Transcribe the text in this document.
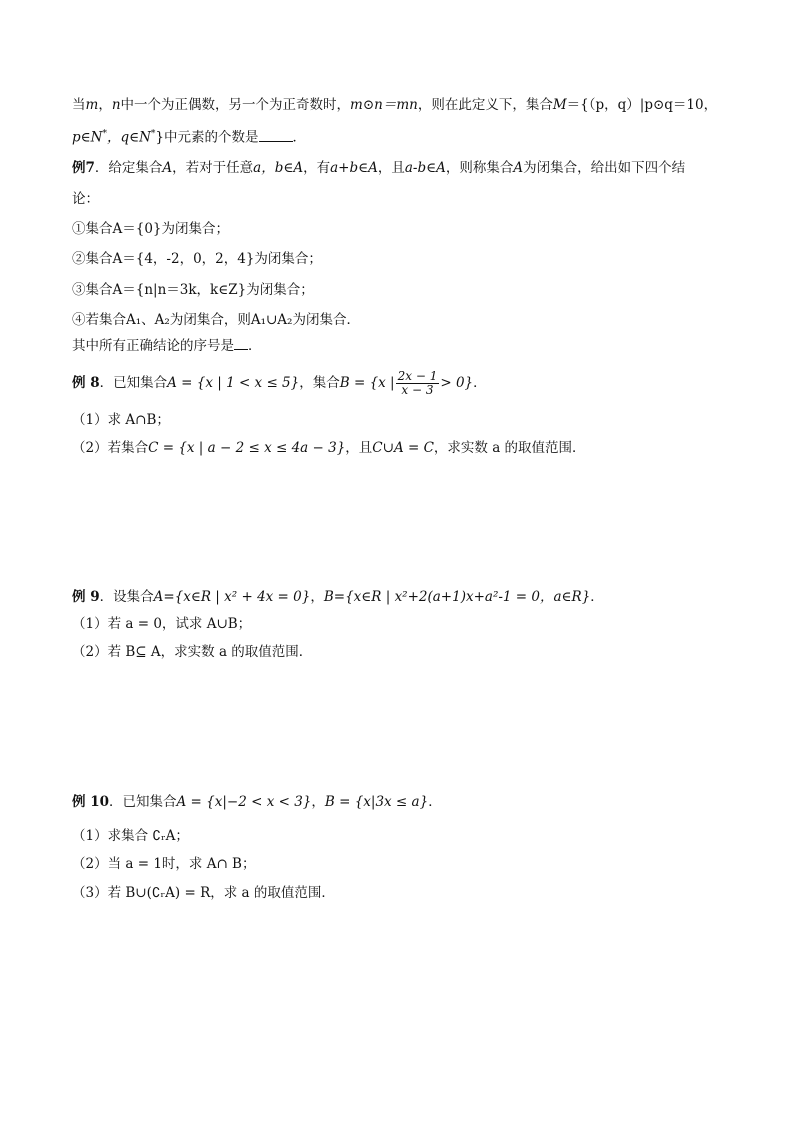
当m，n中一个为正偶数，另一个为正奇数时，m⊙n＝mn，则在此定义下，集合M＝{（p，q）|p⊙q＝10，
p∈N*，q∈N*}中元素的个数是	．
例7．给定集合A，若对于任意a，b∈A，有a+b∈A，且a-b∈A，则称集合A为闭集合，给出如下四个结
论：
①集合A＝{0}为闭集合；
②集合A＝{4，-2，0，2，4}为闭集合；
③集合A＝{n|n＝3k，k∈Z}为闭集合；
④若集合A₁、A₂为闭集合，则A₁∪A₂为闭集合．
其中所有正确结论的序号是 ．
例 8．已知集合A = {x | 1 < x ≤ 5}，集合B = {x | $\frac{2x - 1}{x - 3} > 0$}．
（1）求 A∩B；
（2）若集合C = {x | a − 2 ≤ x ≤ 4a − 3}，且C∪A = C，求实数 a 的取值范围．
例 9．设集合A={x∈R | x² + 4x = 0}，B={x∈R | x²+2(a+1)x+a²-1 = 0，a∈R}．
（1）若 a = 0，试求 A∪B；
（2）若 B⊆ A，求实数 a 的取值范围．
例 10．已知集合A = {x|−2 < x < 3}，B = {x|3x ≤ a}．
（1）求集合 ∁ᵣA；
（2）当 a = 1时，求 A∩ B；
（3）若 B∪(∁ᵣA) = R，求 a 的取值范围．
